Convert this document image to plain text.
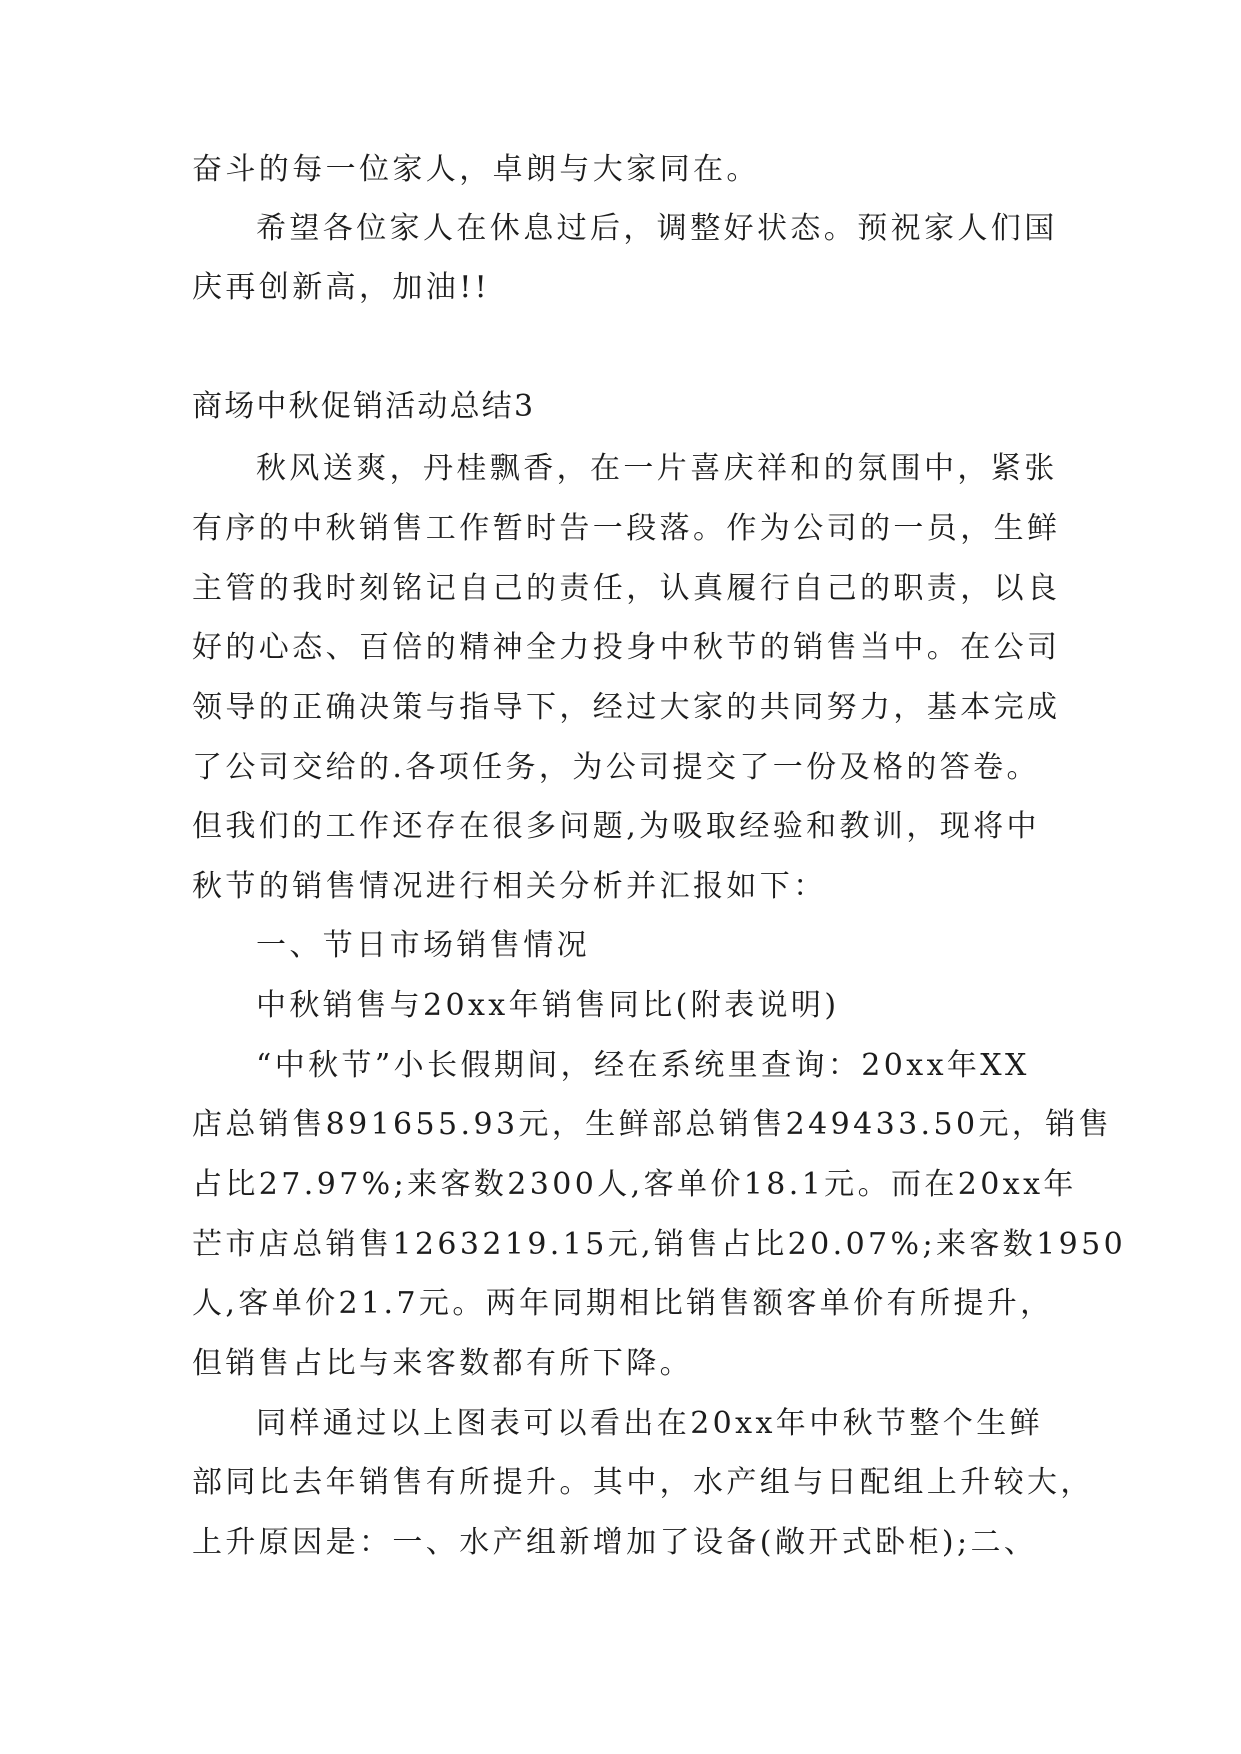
奋斗的每一位家人，卓朗与大家同在。
希望各位家人在休息过后，调整好状态。预祝家人们国
庆再创新高，加油!!
商场中秋促销活动总结3
秋风送爽，丹桂飘香，在一片喜庆祥和的氛围中，紧张
有序的中秋销售工作暂时告一段落。作为公司的一员，生鲜
主管的我时刻铭记自己的责任，认真履行自己的职责，以良
好的心态、百倍的精神全力投身中秋节的销售当中。在公司
领导的正确决策与指导下，经过大家的共同努力，基本完成
了公司交给的.各项任务，为公司提交了一份及格的答卷。
但我们的工作还存在很多问题,为吸取经验和教训，现将中
秋节的销售情况进行相关分析并汇报如下：
一、节日市场销售情况
中秋销售与20xx年销售同比(附表说明)
“中秋节”小长假期间，经在系统里查询：20xx年XX
店总销售891655.93元，生鲜部总销售249433.50元，销售
占比27.97%;来客数2300人,客单价18.1元。而在20xx年
芒市店总销售1263219.15元,销售占比20.07%;来客数1950
人,客单价21.7元。两年同期相比销售额客单价有所提升，
但销售占比与来客数都有所下降。
同样通过以上图表可以看出在20xx年中秋节整个生鲜
部同比去年销售有所提升。其中，水产组与日配组上升较大，
上升原因是：一、水产组新增加了设备(敞开式卧柜);二、
